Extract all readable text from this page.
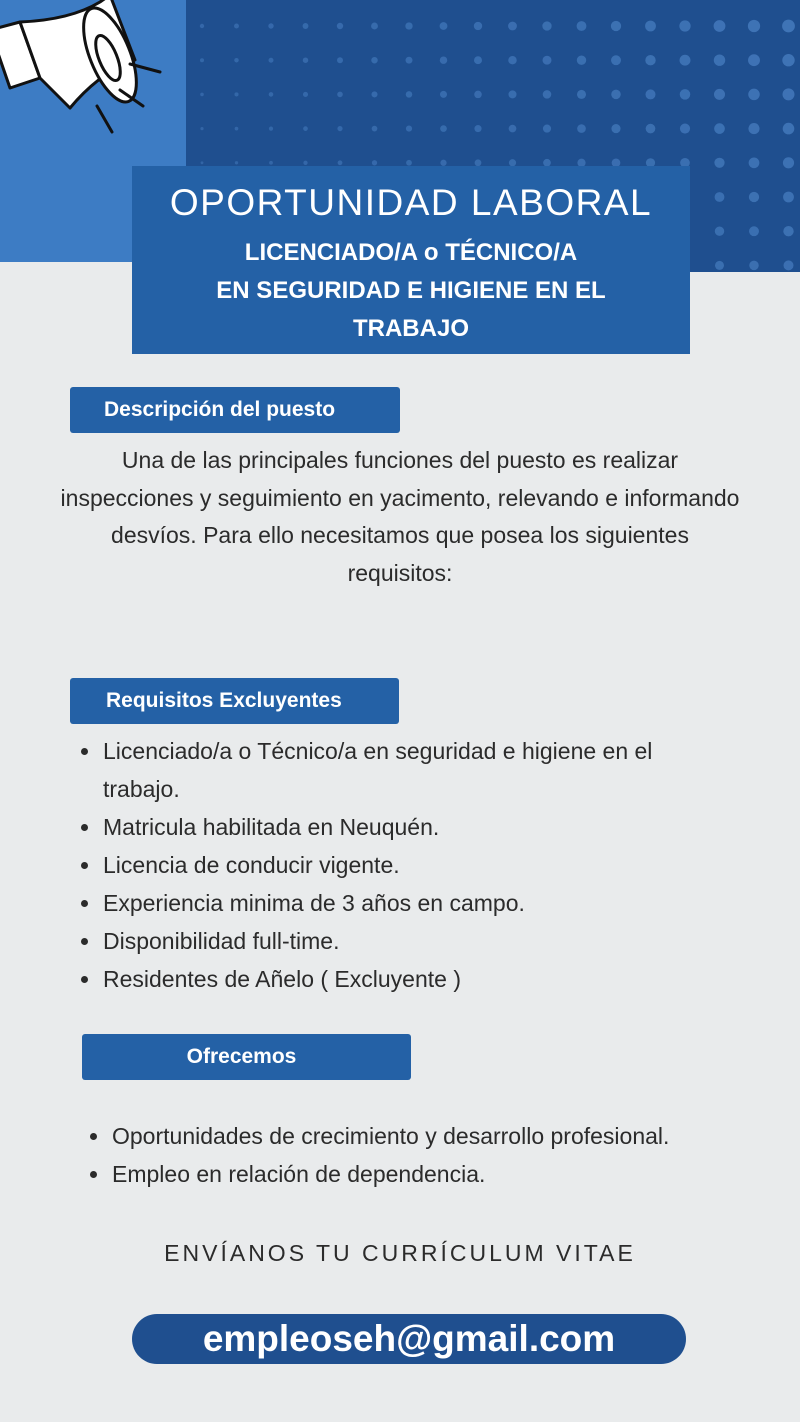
OPORTUNIDAD LABORAL
LICENCIADO/A o TÉCNICO/A
EN SEGURIDAD E HIGIENE EN EL
TRABAJO
Descripción del puesto
Una de las principales funciones del puesto es realizar inspecciones y seguimiento en yacimento, relevando e informando desvíos. Para ello necesitamos que posea los siguientes requisitos:
Requisitos Excluyentes
Licenciado/a o Técnico/a en seguridad e higiene en el trabajo.
Matricula habilitada en Neuquén.
Licencia de conducir vigente.
Experiencia minima de 3 años en campo.
Disponibilidad full-time.
Residentes de Añelo ( Excluyente )
Ofrecemos
Oportunidades de crecimiento y desarrollo profesional.
Empleo en relación de dependencia.
ENVÍANOS TU CURRÍCULUM VITAE
empleoseh@gmail.com
